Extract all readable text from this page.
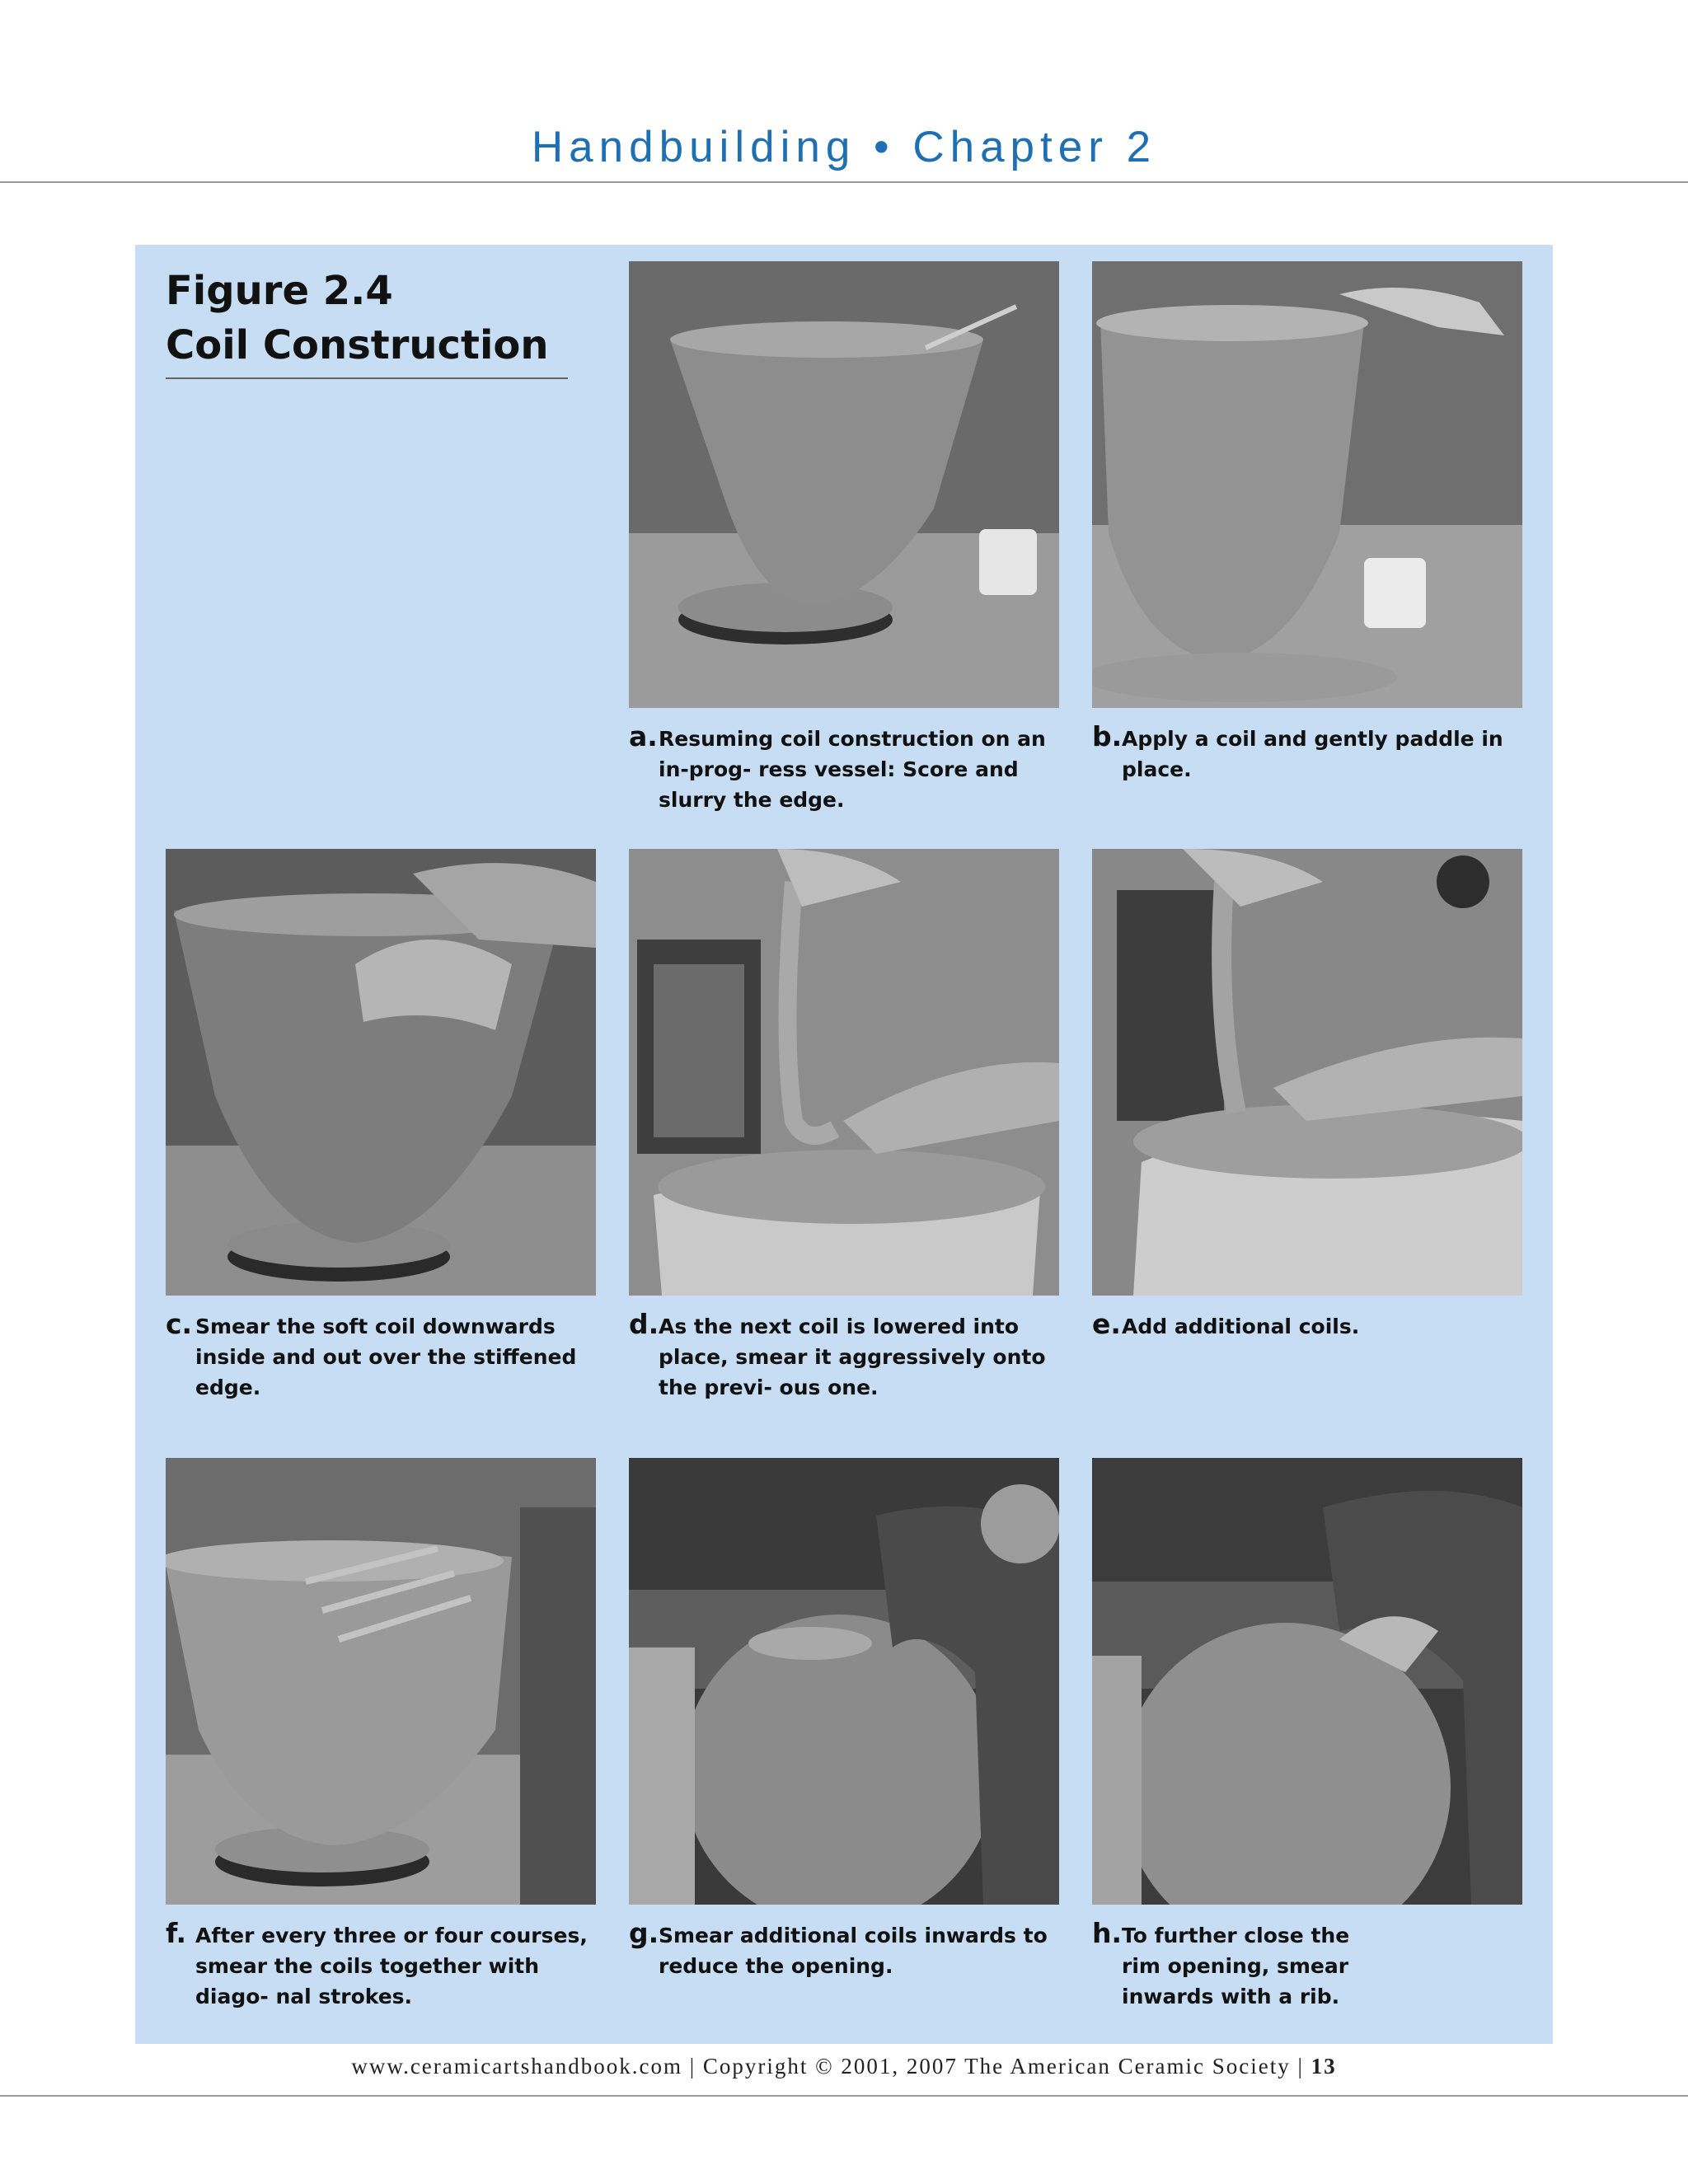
Handbuilding • Chapter 2
Figure 2.4
Coil Construction
a. Resuming coil construction on an in-prog- ress vessel: Score and slurry the edge.
b. Apply a coil and gently paddle in place.
c. Smear the soft coil downwards inside and out over the stiffened edge.
d. As the next coil is lowered into place, smear it aggressively onto the previ- ous one.
e. Add additional coils.
f. After every three or four courses, smear the coils together with diago- nal strokes.
g. Smear additional coils inwards to reduce the opening.
h. To further close the rim opening, smear inwards with a rib.
www.ceramicartshandbook.com | Copyright © 2001, 2007 The American Ceramic Society | 13
